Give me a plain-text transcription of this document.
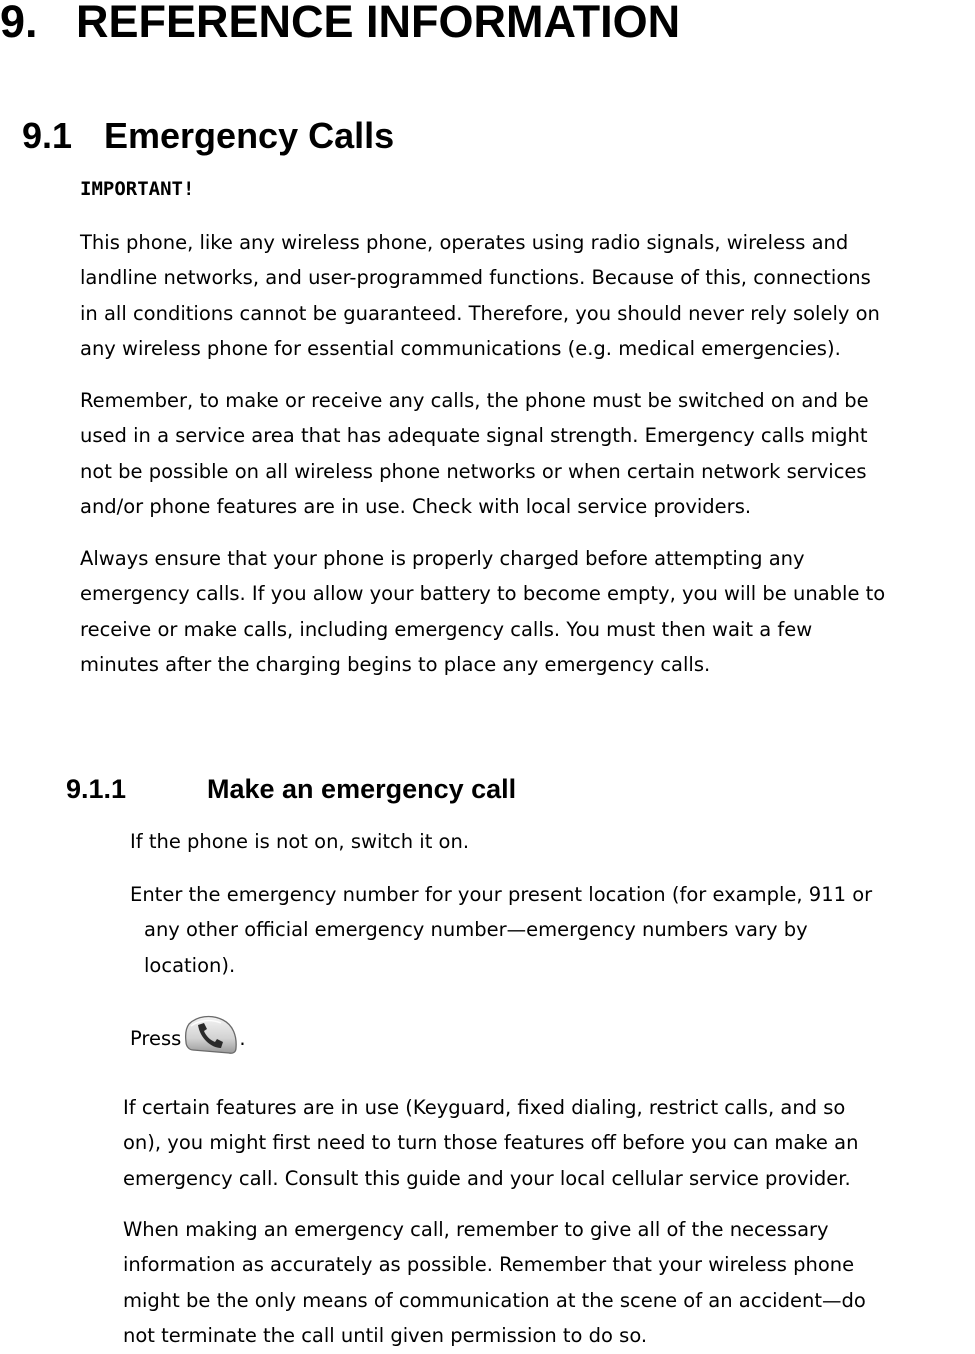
9. REFERENCE INFORMATION
9.1 Emergency Calls
IMPORTANT!

This phone, like any wireless phone, operates using radio signals, wireless and
landline networks, and user-programmed functions. Because of this, connections
in all conditions cannot be guaranteed. Therefore, you should never rely solely on
any wireless phone for essential communications (e.g. medical emergencies).

Remember, to make or receive any calls, the phone must be switched on and be
used in a service area that has adequate signal strength. Emergency calls might
not be possible on all wireless phone networks or when certain network services
and/or phone features are in use. Check with local service providers.

Always ensure that your phone is properly charged before attempting any
emergency calls. If you allow your battery to become empty, you will be unable to
receive or make calls, including emergency calls. You must then wait a few
minutes after the charging begins to place any emergency calls.

9.1.1	Make an emergency call
If the phone is not on, switch it on.
Enter the emergency number for your present location (for example, 911 or
any other official emergency number—emergency numbers vary by
location).
Press	.

If certain features are in use (Keyguard, fixed dialing, restrict calls, and so
on), you might first need to turn those features off before you can make an
emergency call. Consult this guide and your local cellular service provider.

When making an emergency call, remember to give all of the necessary
information as accurately as possible. Remember that your wireless phone
might be the only means of communication at the scene of an accident—do
not terminate the call until given permission to do so.
